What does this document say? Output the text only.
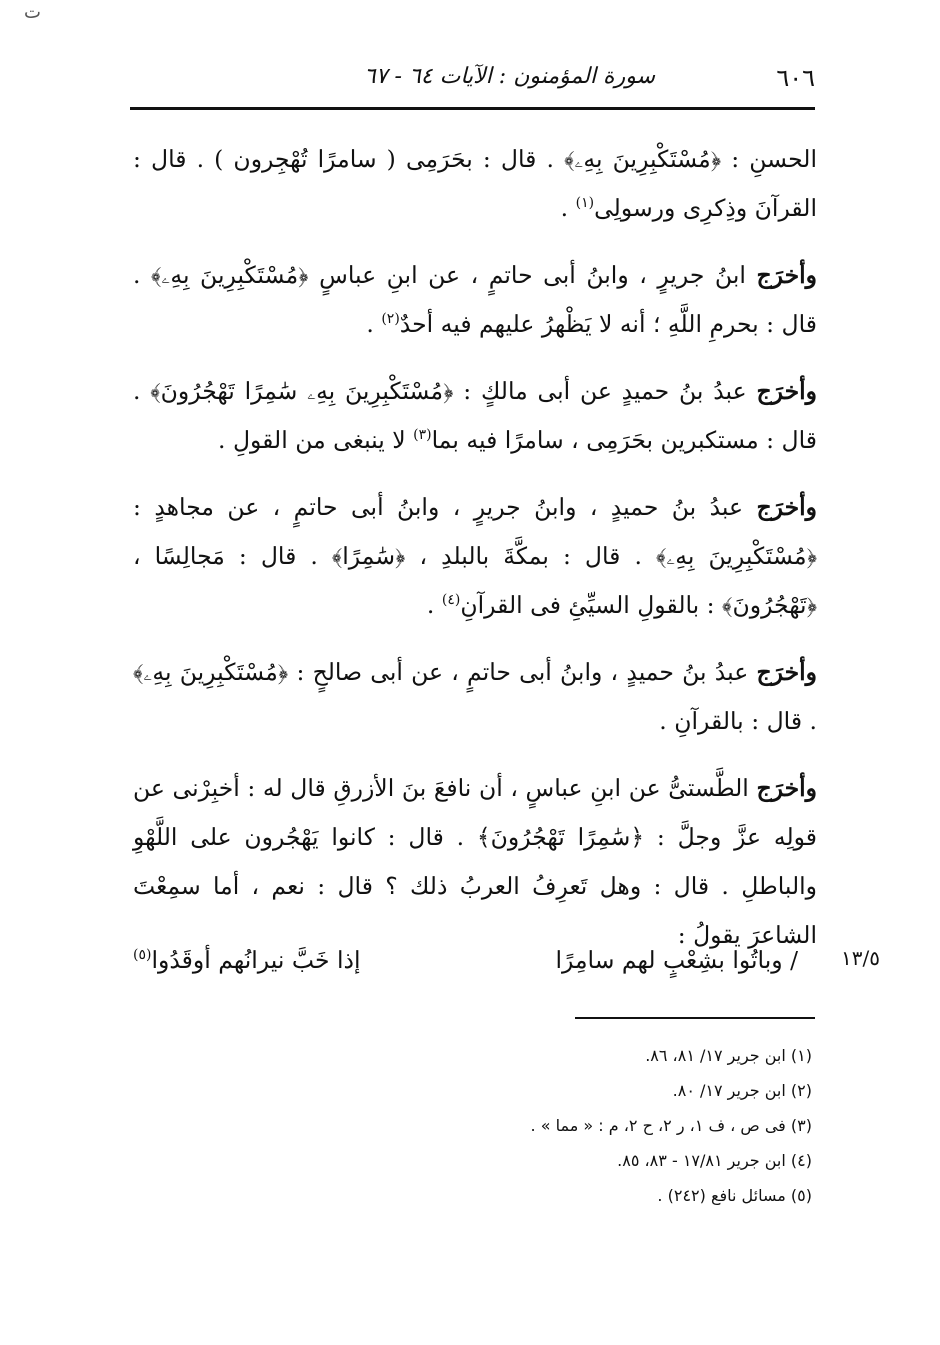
ت
٦٠٦
سورة المؤمنون : الآيات ٦٤ - ٦٧

الحسنِ : ﴿مُسْتَكْبِرِينَ بِهِۦ﴾ . قال : بحَرَمِى ( سامرًا تُهْجِرون ) . قال : القرآنَ وذِكرِى ورسولِى$^{(١)}$ .

وأخرَج ابنُ جريرٍ ، وابنُ أبى حاتمٍ ، عن ابنِ عباسٍ ﴿مُسْتَكْبِرِينَ بِهِۦ﴾ . قال : بحرمِ اللَّهِ ؛ أنه لا يَظْهرُ عليهم فيه أحدٌ$^{(٢)}$ .

وأخرَج عبدُ بنُ حميدٍ عن أبى مالكٍ : ﴿مُسْتَكْبِرِينَ بِهِۦ سَٰمِرًا تَهْجُرُونَ﴾ . قال : مستكبرين بحَرَمِى ، سامرًا فيه بما$^{(٣)}$ لا ينبغى من القولِ .

وأخرَج عبدُ بنُ حميدٍ ، وابنُ جريرٍ ، وابنُ أبى حاتمٍ ، عن مجاهدٍ : ﴿مُسْتَكْبِرِينَ بِهِۦ﴾ . قال : بمكَّةَ بالبلدِ ، ﴿سَٰمِرًا﴾ . قال : مَجالِسًا ، ﴿تَهْجُرُونَ﴾ : بالقولِ السيِّئِ فى القرآنِ$^{(٤)}$ .

وأخرَج عبدُ بنُ حميدٍ ، وابنُ أبى حاتمٍ ، عن أبى صالحٍ : ﴿مُسْتَكْبِرِينَ بِهِۦ﴾ . قال : بالقرآنِ .

وأخرَج الطَّستىُّ عن ابنِ عباسٍ ، أن نافعَ بنَ الأزرقِ قال له : أخبِرْنى عن قولِه عزَّ وجلَّ : ﴿سَٰمِرًا تَهْجُرُونَ﴾ . قال : كانوا يَهْجُرون على اللَّهْوِ والباطلِ . قال : وهل تَعرِفُ العربُ ذلك ؟ قال : نعم ، أما سمِعْتَ الشاعرَ يقولُ :

١٣/٥
/ وباتُوا بشِعْبٍ لهم سامِرًا
إذا خَبَّ نيرانُهم أوقَدُوا$^{(٥)}$

(١) ابن جرير ١٧/ ٨١، ٨٦.

(٢) ابن جرير ١٧/ ٨٠.

(٣) فى ص ، ف ١، ر ٢، ح ٢، م : « مما » .

(٤) ابن جرير ١٧/٨١ - ٨٣، ٨٥.

(٥) مسائل نافع (٢٤٢) .
